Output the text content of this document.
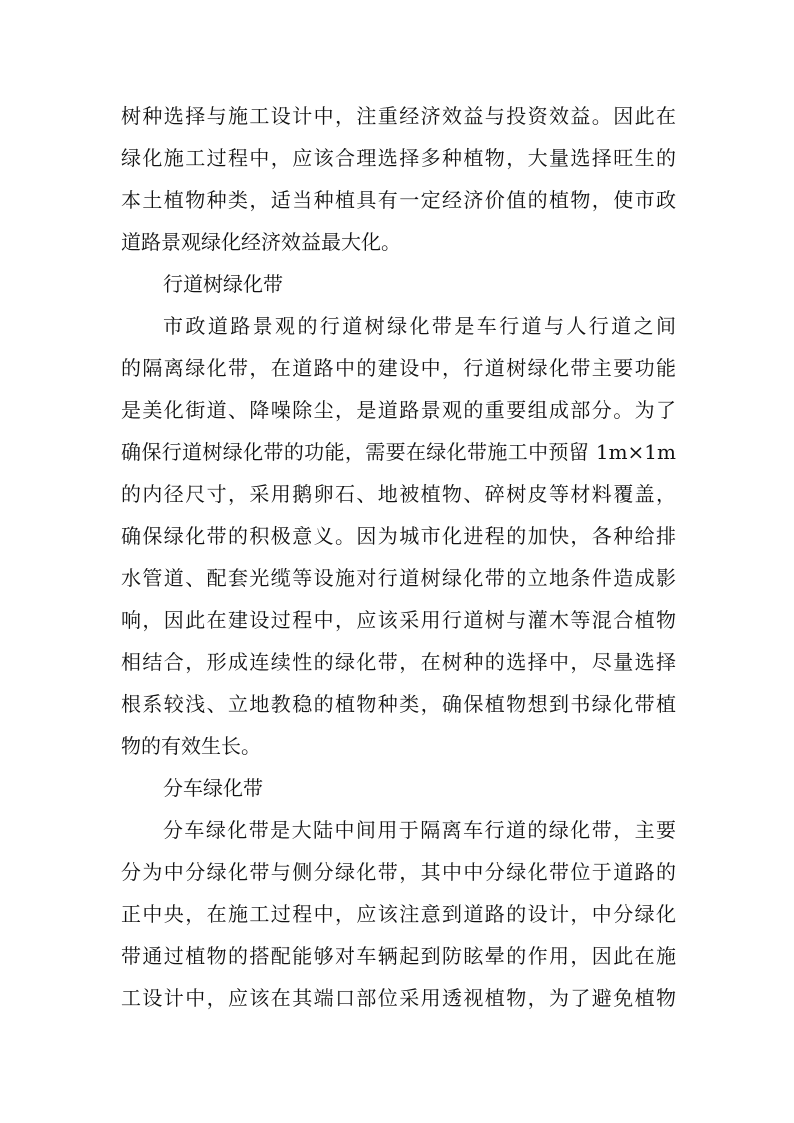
树种选择与施工设计中，注重经济效益与投资效益。因此在
绿化施工过程中，应该合理选择多种植物，大量选择旺生的
本土植物种类，适当种植具有一定经济价值的植物，使市政
道路景观绿化经济效益最大化。
行道树绿化带
市政道路景观的行道树绿化带是车行道与人行道之间
的隔离绿化带，在道路中的建设中，行道树绿化带主要功能
是美化街道、降噪除尘，是道路景观的重要组成部分。为了
确保行道树绿化带的功能，需要在绿化带施工中预留 1m×1m
的内径尺寸，采用鹅卵石、地被植物、碎树皮等材料覆盖，
确保绿化带的积极意义。因为城市化进程的加快，各种给排
水管道、配套光缆等设施对行道树绿化带的立地条件造成影
响，因此在建设过程中，应该采用行道树与灌木等混合植物
相结合，形成连续性的绿化带，在树种的选择中，尽量选择
根系较浅、立地教稳的植物种类，确保植物想到书绿化带植
物的有效生长。
分车绿化带
分车绿化带是大陆中间用于隔离车行道的绿化带，主要
分为中分绿化带与侧分绿化带，其中中分绿化带位于道路的
正中央，在施工过程中，应该注意到道路的设计，中分绿化
带通过植物的搭配能够对车辆起到防眩晕的作用，因此在施
工设计中，应该在其端口部位采用透视植物，为了避免植物
